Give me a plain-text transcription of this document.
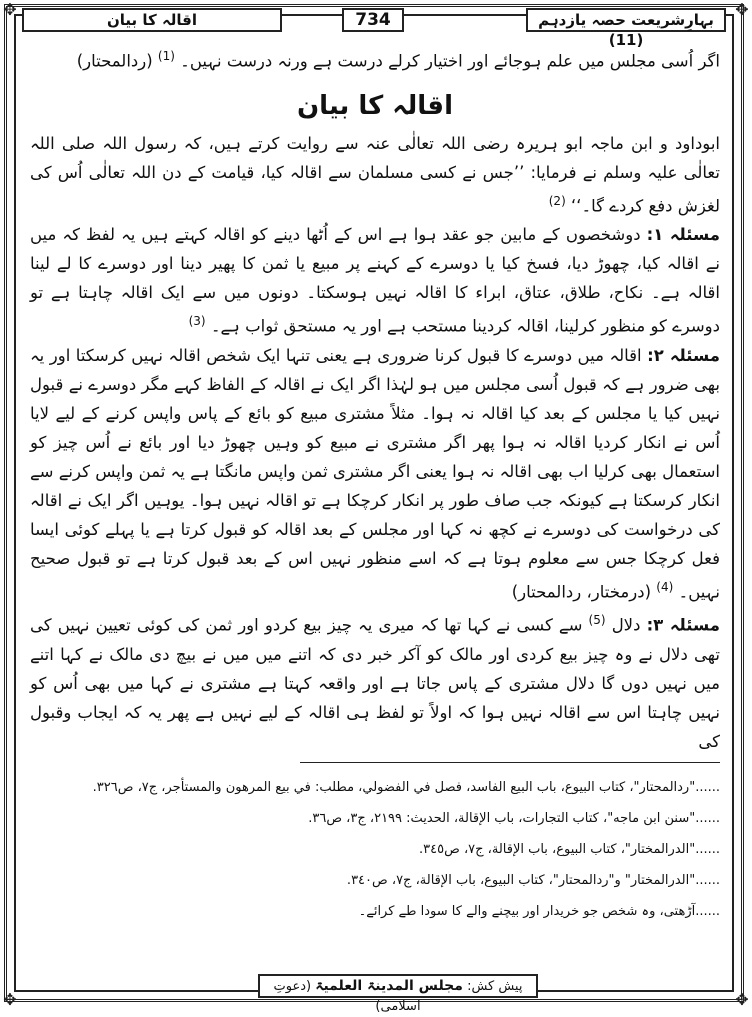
✥	✥
✥	✥
بہارِشریعت حصہ یازدہم (11)
734
اقالہ کا بیان

اگر اُسی مجلس میں علم ہوجائے اور اختیار کرلے درست ہے ورنہ درست نہیں۔ $^{(1)}$ (ردالمحتار)

اقالہ کا بیان

ابوداود و ابن ماجہ ابو ہریرہ رضی اللہ تعالٰی عنہ سے روایت کرتے ہیں، کہ رسول اللہ صلی اللہ تعالٰی علیہ وسلم نے فرمایا: ’’جس نے کسی مسلمان سے اقالہ کیا، قیامت کے دن اللہ تعالٰی اُس کی لغزش دفع کردے گا۔‘‘ $^{(2)}$

مسئلہ ۱: دوشخصوں کے مابین جو عقد ہوا ہے اس کے اُٹھا دینے کو اقالہ کہتے ہیں یہ لفظ کہ میں نے اقالہ کیا، چھوڑ دیا، فسخ کیا یا دوسرے کے کہنے پر مبیع یا ثمن کا پھیر دینا اور دوسرے کا لے لینا اقالہ ہے۔ نکاح، طلاق، عتاق، ابراء کا اقالہ نہیں ہوسکتا۔ دونوں میں سے ایک اقالہ چاہتا ہے تو دوسرے کو منظور کرلینا، اقالہ کردینا مستحب ہے اور یہ مستحق ثواب ہے۔ $^{(3)}$

مسئلہ ۲: اقالہ میں دوسرے کا قبول کرنا ضروری ہے یعنی تنہا ایک شخص اقالہ نہیں کرسکتا اور یہ بھی ضرور ہے کہ قبول اُسی مجلس میں ہو لہٰذا اگر ایک نے اقالہ کے الفاظ کہے مگر دوسرے نے قبول نہیں کیا یا مجلس کے بعد کیا اقالہ نہ ہوا۔ مثلاً مشتری مبیع کو بائع کے پاس واپس کرنے کے لیے لایا اُس نے انکار کردیا اقالہ نہ ہوا پھر اگر مشتری نے مبیع کو وہیں چھوڑ دیا اور بائع نے اُس چیز کو استعمال بھی کرلیا اب بھی اقالہ نہ ہوا یعنی اگر مشتری ثمن واپس مانگتا ہے یہ ثمن واپس کرنے سے انکار کرسکتا ہے کیونکہ جب صاف طور پر انکار کرچکا ہے تو اقالہ نہیں ہوا۔ یوہیں اگر ایک نے اقالہ کی درخواست کی دوسرے نے کچھ نہ کہا اور مجلس کے بعد اقالہ کو قبول کرتا ہے یا پہلے کوئی ایسا فعل کرچکا جس سے معلوم ہوتا ہے کہ اسے منظور نہیں اس کے بعد قبول کرتا ہے تو قبول صحیح نہیں۔ $^{(4)}$ (درمختار، ردالمحتار)

مسئلہ ۳: دلال $^{(5)}$ سے کسی نے کہا تھا کہ میری یہ چیز بیع کردو اور ثمن کی کوئی تعیین نہیں کی تھی دلال نے وہ چیز بیع کردی اور مالک کو آکر خبر دی کہ اتنے میں میں نے بیچ دی مالک نے کہا اتنے میں نہیں دوں گا دلال مشتری کے پاس جاتا ہے اور واقعہ کہتا ہے مشتری نے کہا میں بھی اُس کو نہیں چاہتا اس سے اقالہ نہیں ہوا کہ اولاً تو لفظ ہی اقالہ کے لیے نہیں ہے پھر یہ کہ ایجاب وقبول کی

......"ردالمحتار"، كتاب البيوع، باب البيع الفاسد، فصل في الفضولي، مطلب: في بيع المرهون والمستأجر، ج٧، ص٣٢٦.
......"سنن ابن ماجه"، كتاب التجارات، باب الإقالة، الحديث: ٢١٩٩، ج٣، ص٣٦.
......"الدرالمختار"، كتاب البيوع، باب الإقالة، ج٧، ص٣٤٥.
......"الدرالمختار" و"ردالمحتار"، كتاب البيوع، باب الإقالة، ج٧، ص٣٤٠.
......آڑھتی، وہ شخص جو خریدار اور بیچنے والے کا سودا طے کرائے۔
پیش کش: مجلس المدینۃ العلمیۃ (دعوتِ اسلامی)
